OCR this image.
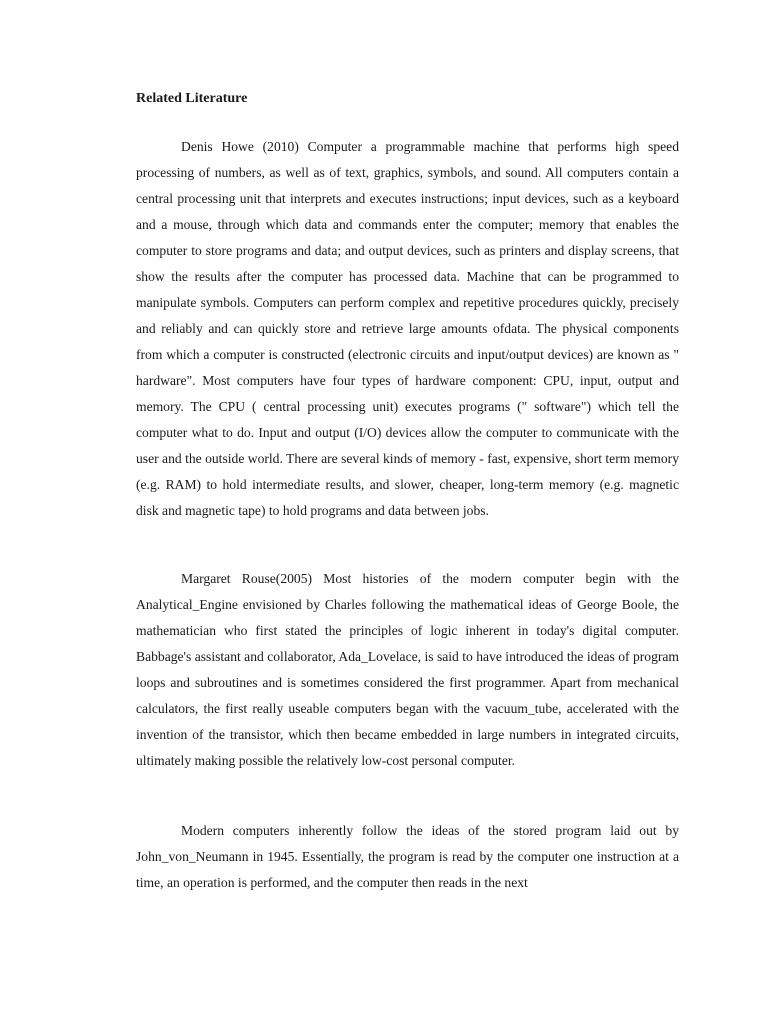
Related Literature

Denis Howe (2010) Computer a programmable machine that performs high speed processing of numbers, as well as of text, graphics, symbols, and sound. All computers contain a central processing unit that interprets and executes instructions; input devices, such as a keyboard and a mouse, through which data and commands enter the computer; memory that enables the computer to store programs and data; and output devices, such as printers and display screens, that show the results after the computer has processed data. Machine that can be programmed to manipulate symbols. Computers can perform complex and repetitive procedures quickly, precisely and reliably and can quickly store and retrieve large amounts ofdata. The physical components from which a computer is constructed (electronic circuits and input/output devices) are known as " hardware". Most computers have four types of hardware component: CPU, input, output and memory. The CPU ( central processing unit) executes programs (" software") which tell the computer what to do. Input and output (I/O) devices allow the computer to communicate with the user and the outside world. There are several kinds of memory - fast, expensive, short term memory (e.g. RAM) to hold intermediate results, and slower, cheaper, long-term memory (e.g. magnetic disk and magnetic tape) to hold programs and data between jobs.

Margaret Rouse(2005) Most histories of the modern computer begin with the Analytical_Engine envisioned by Charles following the mathematical ideas of George Boole, the mathematician who first stated the principles of logic inherent in today's digital computer. Babbage's assistant and collaborator, Ada_Lovelace, is said to have introduced the ideas of program loops and subroutines and is sometimes considered the first programmer. Apart from mechanical calculators, the first really useable computers began with the vacuum_tube, accelerated with the invention of the transistor, which then became embedded in large numbers in integrated circuits, ultimately making possible the relatively low-cost personal computer.

Modern computers inherently follow the ideas of the stored program laid out by John_von_Neumann in 1945. Essentially, the program is read by the computer one instruction at a time, an operation is performed, and the computer then reads in the next
